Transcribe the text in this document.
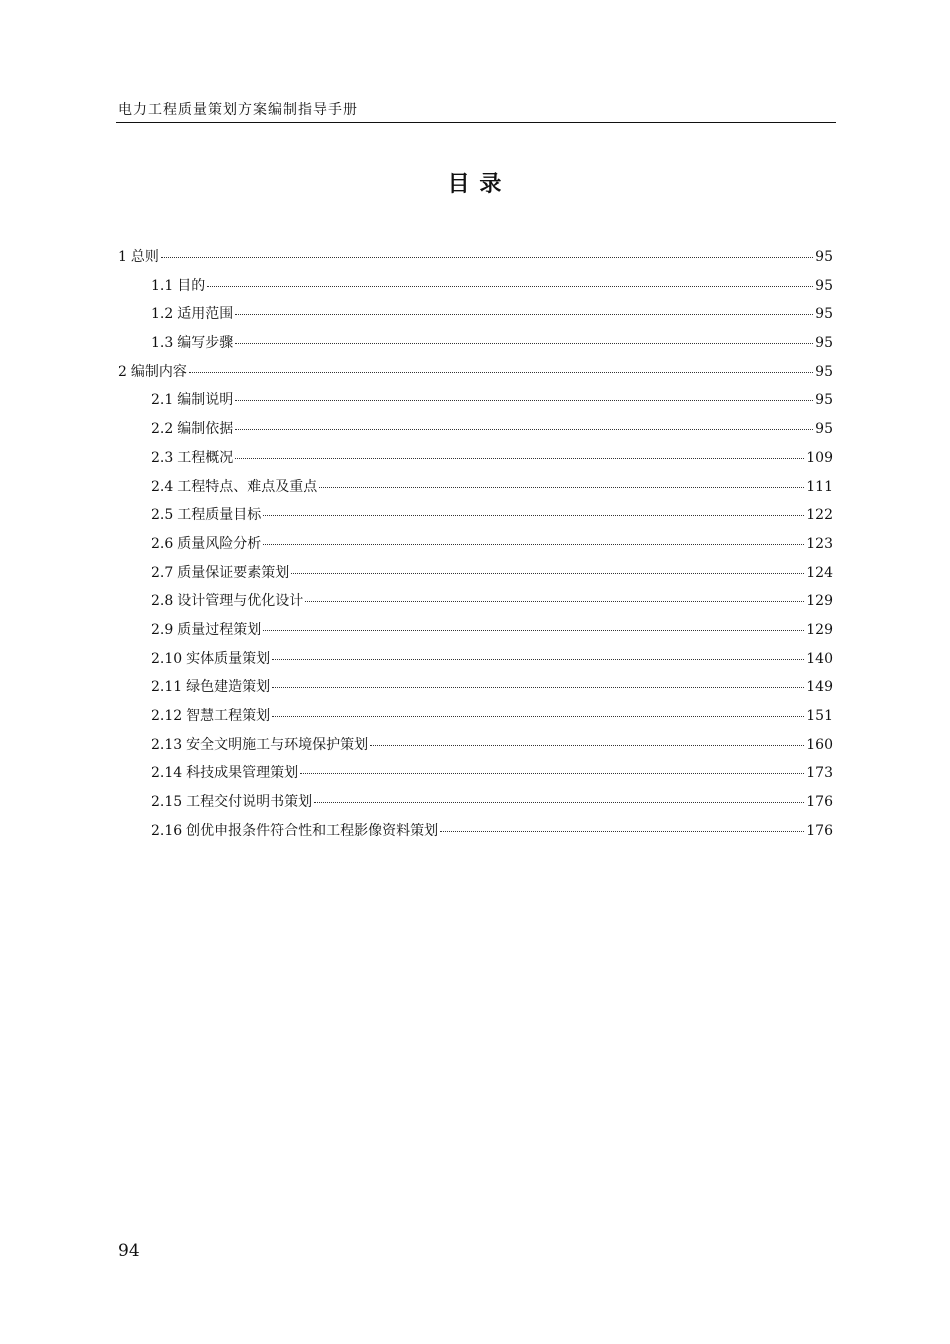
电力工程质量策划方案编制指导手册
目 录
1 总则	95
1.1 目的	95
1.2 适用范围	95
1.3 编写步骤	95
2 编制内容	95
2.1 编制说明	95
2.2 编制依据	95
2.3 工程概况	109
2.4 工程特点、难点及重点	111
2.5 工程质量目标	122
2.6 质量风险分析	123
2.7 质量保证要素策划	124
2.8 设计管理与优化设计	129
2.9 质量过程策划	129
2.10 实体质量策划	140
2.11 绿色建造策划	149
2.12 智慧工程策划	151
2.13 安全文明施工与环境保护策划	160
2.14 科技成果管理策划	173
2.15 工程交付说明书策划	176
2.16 创优申报条件符合性和工程影像资料策划	176
94
